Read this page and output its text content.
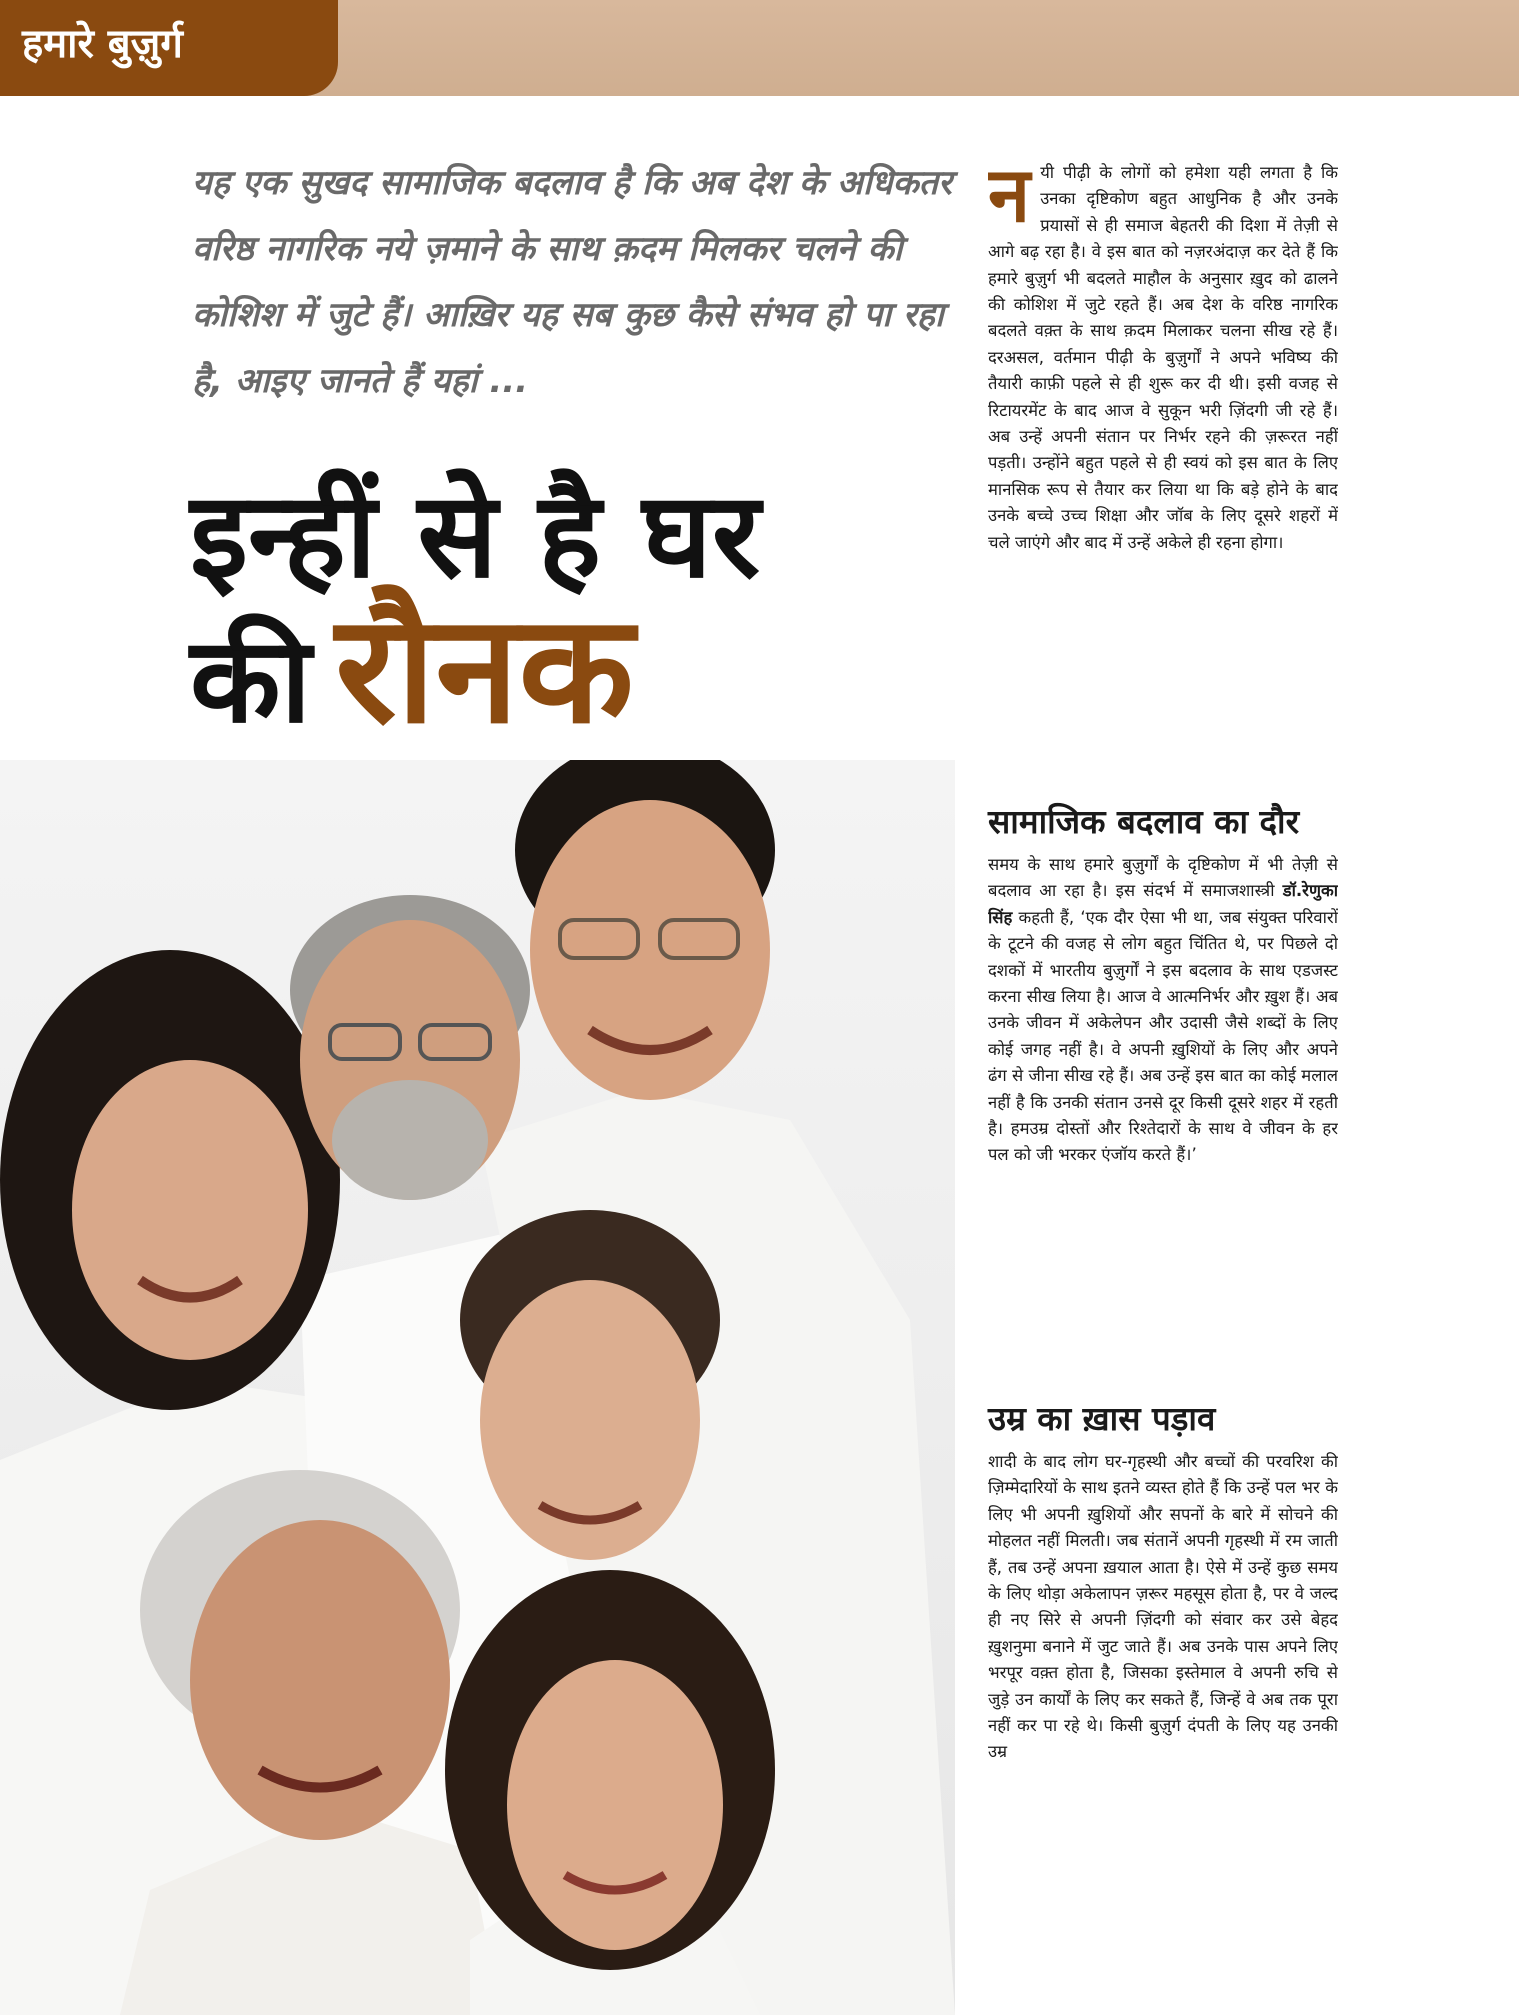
हमारे बुज़ुर्ग
यह एक सुखद सामाजिक बदलाव है कि अब देश के अधिकतर वरिष्ठ नागरिक नये ज़माने के साथ क़दम मिलकर चलने की कोशिश में जुटे हैं। आख़िर यह सब कुछ कैसे संभव हो पा रहा है, आइए जानते हैं यहां ...
इन्हीं से है घर
की रौनक
न यी पीढ़ी के लोगों को हमेशा यही लगता है कि उनका दृष्टिकोण बहुत आधुनिक है और उनके प्रयासों से ही समाज बेहतरी की दिशा में तेज़ी से आगे बढ़ रहा है। वे इस बात को नज़रअंदाज़ कर देते हैं कि हमारे बुज़ुर्ग भी बदलते माहौल के अनुसार ख़ुद को ढालने की कोशिश में जुटे रहते हैं। अब देश के वरिष्ठ नागरिक बदलते वक़्त के साथ क़दम मिलाकर चलना सीख रहे हैं। दरअसल, वर्तमान पीढ़ी के बुज़ुर्गों ने अपने भविष्य की तैयारी काफ़ी पहले से ही शुरू कर दी थी। इसी वजह से रिटायरमेंट के बाद आज वे सुकून भरी ज़िंदगी जी रहे हैं। अब उन्हें अपनी संतान पर निर्भर रहने की ज़रूरत नहीं पड़ती। उन्होंने बहुत पहले से ही स्वयं को इस बात के लिए मानसिक रूप से तैयार कर लिया था कि बड़े होने के बाद उनके बच्चे उच्च शिक्षा और जॉब के लिए दूसरे शहरों में चले जाएंगे और बाद में उन्हें अकेले ही रहना होगा।

सामाजिक बदलाव का दौर

समय के साथ हमारे बुज़ुर्गों के दृष्टिकोण में भी तेज़ी से बदलाव आ रहा है। इस संदर्भ में समाजशास्त्री डॉ.रेणुका सिंह कहती हैं, ‘एक दौर ऐसा भी था, जब संयुक्त परिवारों के टूटने की वजह से लोग बहुत चिंतित थे, पर पिछले दो दशकों में भारतीय बुज़ुर्गों ने इस बदलाव के साथ एडजस्ट करना सीख लिया है। आज वे आत्मनिर्भर और ख़ुश हैं। अब उनके जीवन में अकेलेपन और उदासी जैसे शब्दों के लिए कोई जगह नहीं है। वे अपनी ख़ुशियों के लिए और अपने ढंग से जीना सीख रहे हैं। अब उन्हें इस बात का कोई मलाल नहीं है कि उनकी संतान उनसे दूर किसी दूसरे शहर में रहती है। हमउम्र दोस्तों और रिश्तेदारों के साथ वे जीवन के हर पल को जी भरकर एंजॉय करते हैं।’

उम्र का ख़ास पड़ाव

शादी के बाद लोग घर-गृहस्थी और बच्चों की परवरिश की ज़िम्मेदारियों के साथ इतने व्यस्त होते हैं कि उन्हें पल भर के लिए भी अपनी ख़ुशियों और सपनों के बारे में सोचने की मोहलत नहीं मिलती। जब संतानें अपनी गृहस्थी में रम जाती हैं, तब उन्हें अपना ख़याल आता है। ऐसे में उन्हें कुछ समय के लिए थोड़ा अकेलापन ज़रूर महसूस होता है, पर वे जल्द ही नए सिरे से अपनी ज़िंदगी को संवार कर उसे बेहद ख़ुशनुमा बनाने में जुट जाते हैं। अब उनके पास अपने लिए भरपूर वक़्त होता है, जिसका इस्तेमाल वे अपनी रुचि से जुड़े उन कार्यों के लिए कर सकते हैं, जिन्हें वे अब तक पूरा नहीं कर पा रहे थे। किसी बुज़ुर्ग दंपती के लिए यह उनकी उम्र
